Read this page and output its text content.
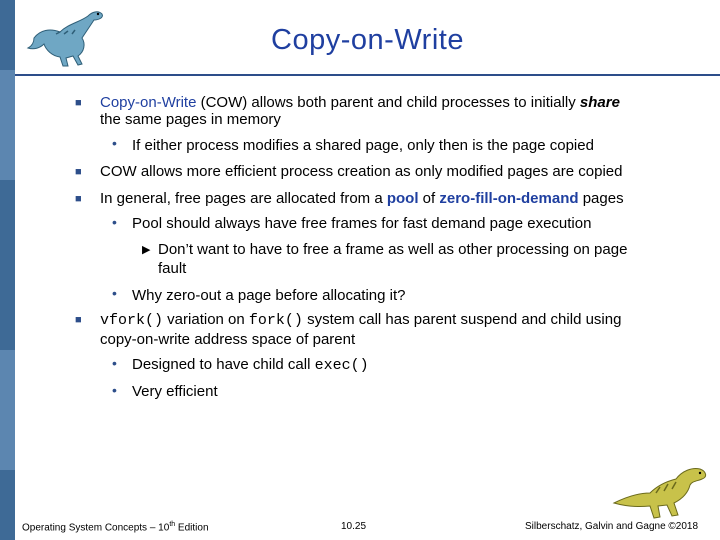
Copy-on-Write
■ Copy-on-Write (COW) allows both parent and child processes to initially share
the same pages in memory
• If either process modifies a shared page, only then is the page copied
■ COW allows more efficient process creation as only modified pages are copied
■ In general, free pages are allocated from a pool of zero-fill-on-demand pages
• Pool should always have free frames for fast demand page execution
▶ Don’t want to have to free a frame as well as other processing on page
fault
• Why zero-out a page before allocating it?
■ vfork() variation on fork() system call has parent suspend and child using
copy-on-write address space of parent
• Designed to have child call exec()
• Very efficient
Operating System Concepts – 10th Edition	10.25	Silberschatz, Galvin and Gagne ©2018
